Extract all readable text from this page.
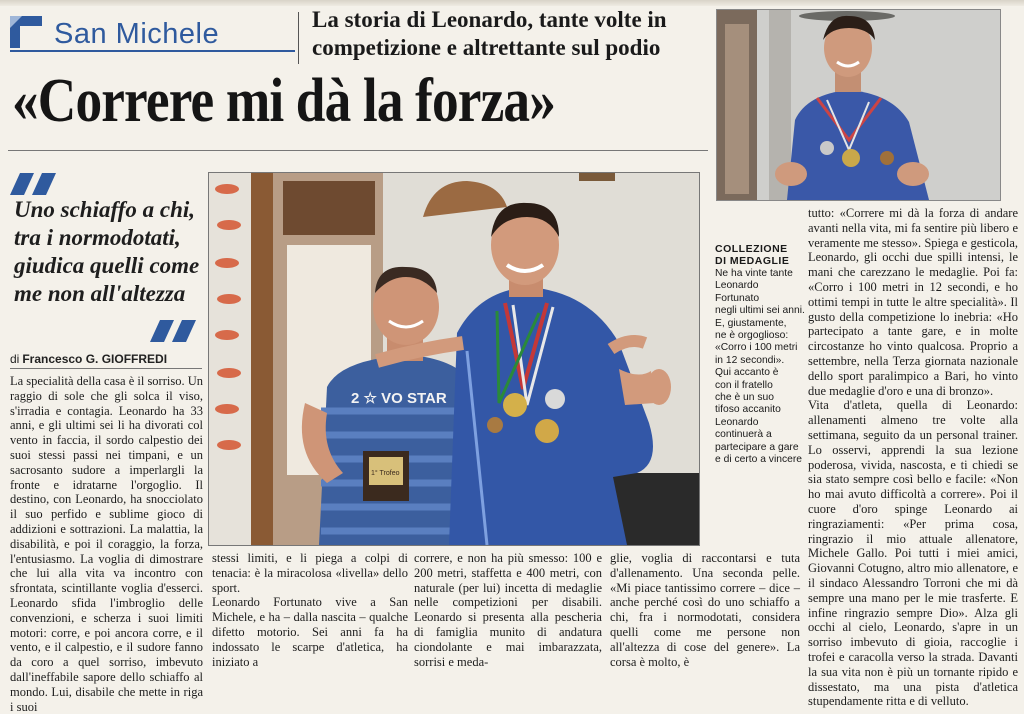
San Michele	La storia di Leonardo, tante volte in competizione e altrettante sul podio
«Correre mi dà la forza»
Uno schiaffo a chi, tra i normodotati, giudica quelli come me non all'altezza
di Francesco G. GIOFFREDI
2 ☆ VO STAR
1° Trofeo
COLLEZIONE
DI MEDAGLIE
Ne ha vinte tante
Leonardo Fortunato
negli ultimi sei anni.
E, giustamente,
ne è orgoglioso:
«Corro i 100 metri
in 12 secondi».
Qui accanto è
con il fratello
che è un suo
tifoso accanito
Leonardo
continuerà a
partecipare a gare
e di certo a vincere
La specialità della casa è il sorriso. Un raggio di sole che gli solca il viso, s'irradia e contagia. Leonardo ha 33 anni, e gli ultimi sei li ha divorati col vento in faccia, il sordo calpestio dei suoi stessi passi nei timpani, e un sacrosanto sudore a imperlargli la fronte e idratarne l'orgoglio. Il destino, con Leonardo, ha snocciolato il suo perfido e sublime gioco di addizioni e sottrazioni. La malattia, la disabilità, e poi il coraggio, la forza, l'entusiasmo. La voglia di dimostrare che lui alla vita va incontro con sfrontata, scintillante voglia d'esserci. Leonardo sfida l'imbroglio delle convenzioni, e scherza i suoi limiti motori: corre, e poi ancora corre, e il vento, e il calpestio, e il sudore fanno da coro a quel sorriso, imbevuto dall'ineffabile sapore dello schiaffo al mondo. Lui, disabile che mette in riga i suoi
stessi limiti, e li piega a colpi di tenacia: è la miracolosa «livella» dello sport.
Leonardo Fortunato vive a San Michele, e ha – dalla nascita – qualche difetto motorio. Sei anni fa ha indossato le scarpe d'atletica, ha iniziato a
correre, e non ha più smesso: 100 e 200 metri, staffetta e 400 metri, con naturale (per lui) incetta di medaglie nelle competizioni per disabili. Leonardo si presenta alla pescheria di famiglia munito di andatura ciondolante e mai imbarazzata, sorrisi e meda-
glie, voglia di raccontarsi e tuta d'allenamento. Una seconda pelle. «Mi piace tantissimo correre – dice – anche perché così do uno schiaffo a chi, fra i normodotati, considera quelli come me persone non all'altezza di cose del genere». La corsa è molto, è
tutto: «Correre mi dà la forza di andare avanti nella vita, mi fa sentire più libero e veramente me stesso». Spiega e gesticola, Leonardo, gli occhi due spilli intensi, le mani che carezzano le medaglie. Poi fa: «Corro i 100 metri in 12 secondi, e ho ottimi tempi in tutte le altre specialità». Il gusto della competizione lo inebria: «Ho partecipato a tante gare, e in molte circostanze ho vinto qualcosa. Proprio a settembre, nella Terza giornata nazionale dello sport paralimpico a Bari, ho vinto due medaglie d'oro e una di bronzo».
Vita d'atleta, quella di Leonardo: allenamenti almeno tre volte alla settimana, seguito da un personal trainer. Lo osservi, apprendi la sua lezione poderosa, vivida, nascosta, e ti chiedi se sia stato sempre così bello e facile: «Non ho mai avuto difficoltà a correre». Poi il cuore d'oro spinge Leonardo ai ringraziamenti: «Per prima cosa, ringrazio il mio attuale allenatore, Michele Gallo. Poi tutti i miei amici, Giovanni Cotugno, altro mio allenatore, e il sindaco Alessandro Torroni che mi dà sempre una mano per le mie trasferte. E infine ringrazio sempre Dio». Alza gli occhi al cielo, Leonardo, s'apre in un sorriso imbevuto di gioia, raccoglie i trofei e caracolla verso la strada. Davanti la sua vita non è più un tornante ripido e dissestato, ma una pista d'atletica stupendamente ritta e di velluto.
